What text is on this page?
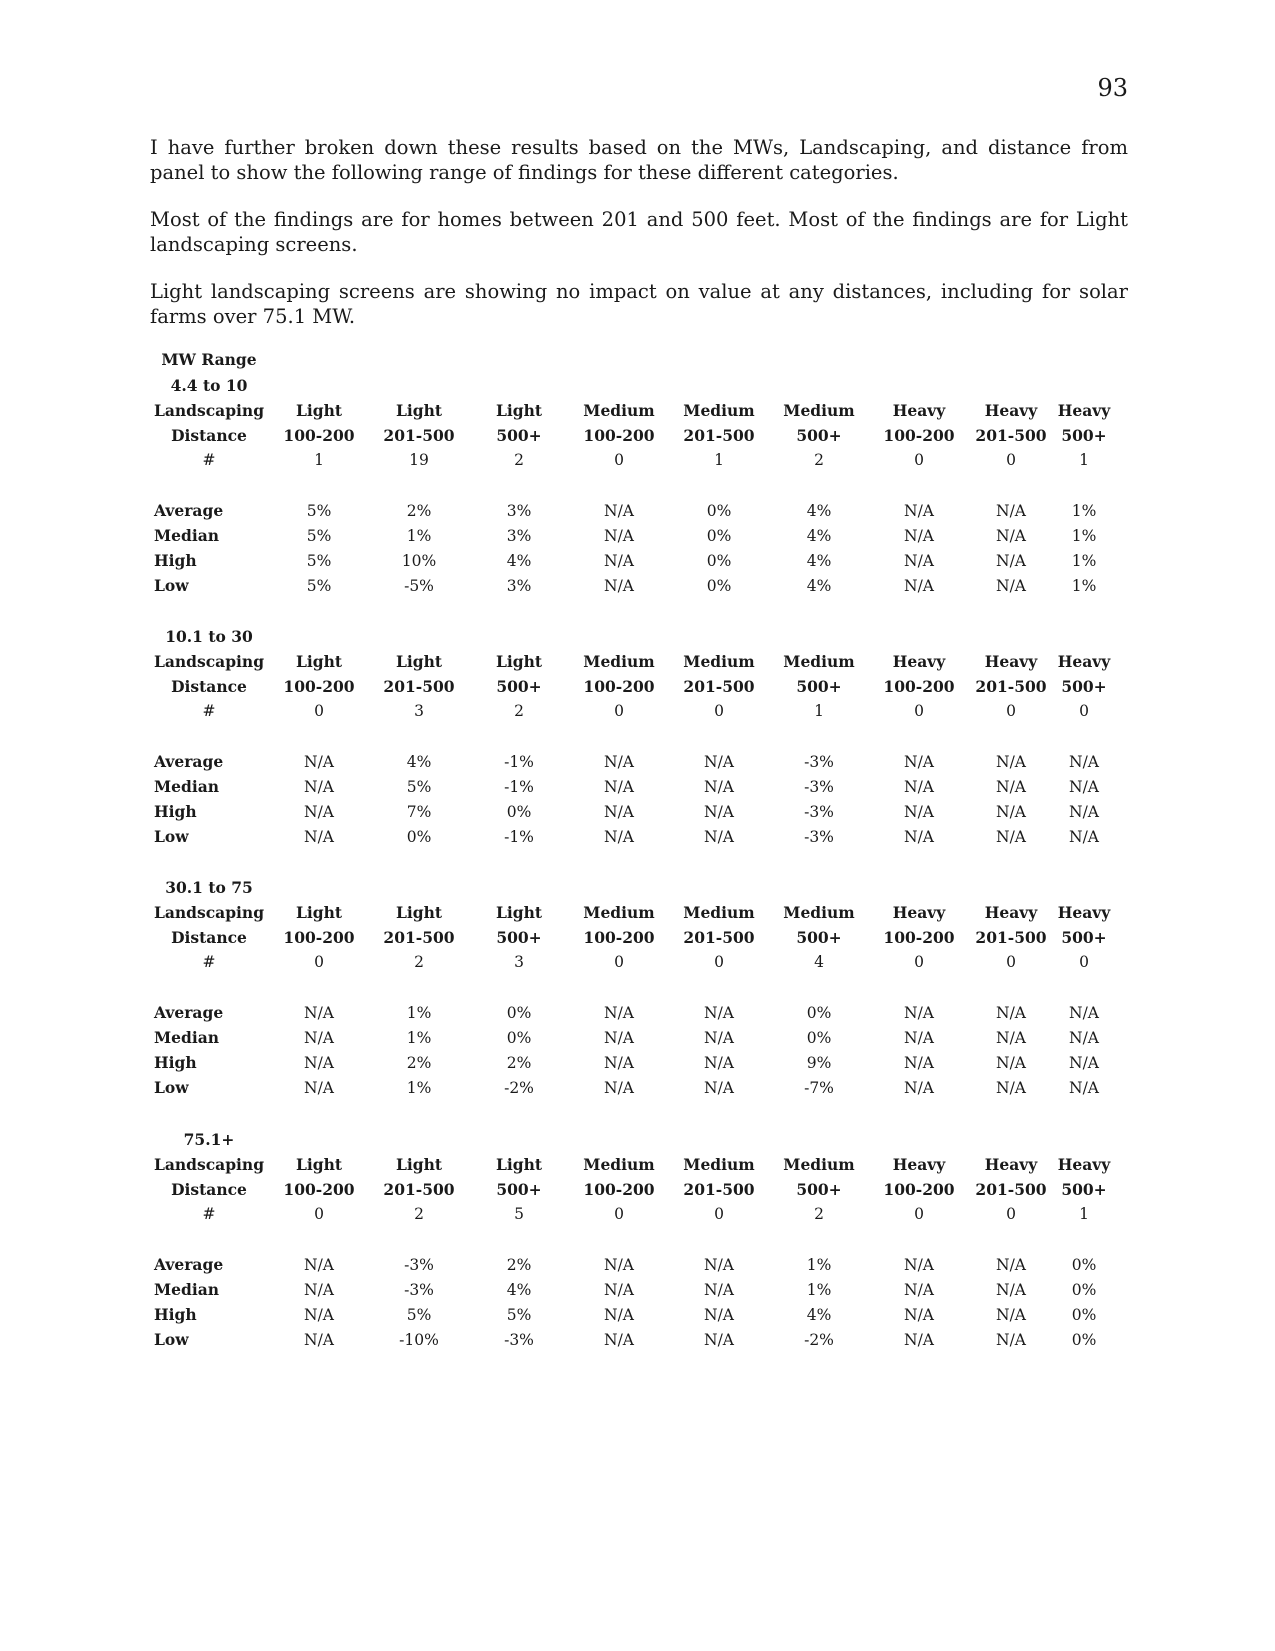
93

I have further broken down these results based on the MWs, Landscaping, and distance from panel to show the following range of findings for these different categories.

Most of the findings are for homes between 201 and 500 feet. Most of the findings are for Light landscaping screens.

Light landscaping screens are showing no impact on value at any distances, including for solar farms over 75.1 MW.

MW Range
4.4 to 10
Landscaping
Distance
#
Average
Median
High
Low
Light
100-200
1
5%
5%
5%
5%
Light
201-500
19
2%
1%
10%
-5%
Light
500+
2
3%
3%
4%
3%
Medium
100-200
0
N/A
N/A
N/A
N/A
Medium
201-500
1
0%
0%
0%
0%
Medium
500+
2
4%
4%
4%
4%
Heavy
100-200
0
N/A
N/A
N/A
N/A
Heavy
201-500
0
N/A
N/A
N/A
N/A
Heavy
500+
1
1%
1%
1%
1%
10.1 to 30
Landscaping
Distance
#
Average
Median
High
Low
Light
100-200
0
N/A
N/A
N/A
N/A
Light
201-500
3
4%
5%
7%
0%
Light
500+
2
-1%
-1%
0%
-1%
Medium
100-200
0
N/A
N/A
N/A
N/A
Medium
201-500
0
N/A
N/A
N/A
N/A
Medium
500+
1
-3%
-3%
-3%
-3%
Heavy
100-200
0
N/A
N/A
N/A
N/A
Heavy
201-500
0
N/A
N/A
N/A
N/A
Heavy
500+
0
N/A
N/A
N/A
N/A
30.1 to 75
Landscaping
Distance
#
Average
Median
High
Low
Light
100-200
0
N/A
N/A
N/A
N/A
Light
201-500
2
1%
1%
2%
1%
Light
500+
3
0%
0%
2%
-2%
Medium
100-200
0
N/A
N/A
N/A
N/A
Medium
201-500
0
N/A
N/A
N/A
N/A
Medium
500+
4
0%
0%
9%
-7%
Heavy
100-200
0
N/A
N/A
N/A
N/A
Heavy
201-500
0
N/A
N/A
N/A
N/A
Heavy
500+
0
N/A
N/A
N/A
N/A
75.1+
Landscaping
Distance
#
Average
Median
High
Low
Light
100-200
0
N/A
N/A
N/A
N/A
Light
201-500
2
-3%
-3%
5%
-10%
Light
500+
5
2%
4%
5%
-3%
Medium
100-200
0
N/A
N/A
N/A
N/A
Medium
201-500
0
N/A
N/A
N/A
N/A
Medium
500+
2
1%
1%
4%
-2%
Heavy
100-200
0
N/A
N/A
N/A
N/A
Heavy
201-500
0
N/A
N/A
N/A
N/A
Heavy
500+
1
0%
0%
0%
0%
